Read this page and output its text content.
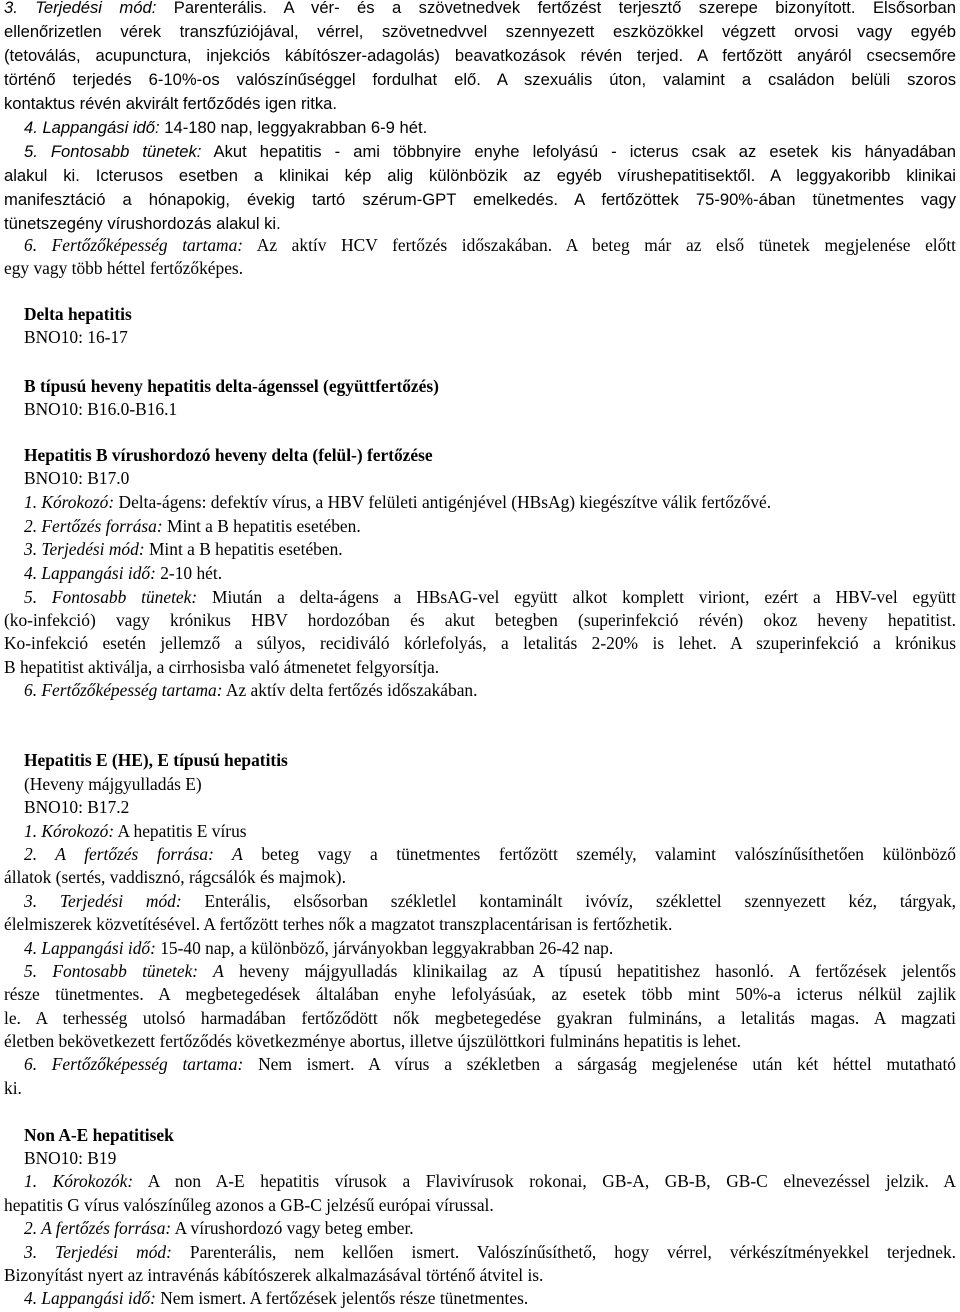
3. Terjedési mód: Parenterális. A vér- és a szövetnedvek fertőzést terjesztő szerepe bizonyított. Elsősorban
ellenőrizetlen vérek transzfúziójával, vérrel, szövetnedvvel szennyezett eszközökkel végzett orvosi vagy egyéb
(tetoválás, acupunctura, injekciós kábítószer-adagolás) beavatkozások révén terjed. A fertőzött anyáról csecsemőre
történő terjedés 6-10%-os valószínűséggel fordulhat elő. A szexuális úton, valamint a családon belüli szoros
kontaktus révén akvirált fertőződés igen ritka.
4. Lappangási idő: 14-180 nap, leggyakrabban 6-9 hét.
5. Fontosabb tünetek: Akut hepatitis - ami többnyire enyhe lefolyású - icterus csak az esetek kis hányadában
alakul ki. Icterusos esetben a klinikai kép alig különbözik az egyéb vírushepatitisektől. A leggyakoribb klinikai
manifesztáció a hónapokig, évekig tartó szérum-GPT emelkedés. A fertőzöttek 75-90%-ában tünetmentes vagy
tünetszegény vírushordozás alakul ki.
6. Fertőzőképesség tartama: Az aktív HCV fertőzés időszakában. A beteg már az első tünetek megjelenése előtt
egy vagy több héttel fertőzőképes.
Delta hepatitis
BNO10: 16-17
B típusú heveny hepatitis delta-ágenssel (együttfertőzés)
BNO10: B16.0-B16.1
Hepatitis B vírushordozó heveny delta (felül-) fertőzése
BNO10: B17.0
1. Kórokozó: Delta-ágens: defektív vírus, a HBV felületi antigénjével (HBsAg) kiegészítve válik fertőzővé.
2. Fertőzés forrása: Mint a B hepatitis esetében.
3. Terjedési mód: Mint a B hepatitis esetében.
4. Lappangási idő: 2-10 hét.
5. Fontosabb tünetek: Miután a delta-ágens a HBsAG-vel együtt alkot komplett viriont, ezért a HBV-vel együtt
(ko-infekció) vagy krónikus HBV hordozóban és akut betegben (superinfekció révén) okoz heveny hepatitist.
Ko-infekció esetén jellemző a súlyos, recidiváló kórlefolyás, a letalitás 2-20% is lehet. A szuperinfekció a krónikus
B hepatitist aktiválja, a cirrhosisba való átmenetet felgyorsítja.
6. Fertőzőképesség tartama: Az aktív delta fertőzés időszakában.
Hepatitis E (HE), E típusú hepatitis
(Heveny májgyulladás E)
BNO10: B17.2
1. Kórokozó: A hepatitis E vírus
2. A fertőzés forrása: A beteg vagy a tünetmentes fertőzött személy, valamint valószínűsíthetően különböző
állatok (sertés, vaddisznó, rágcsálók és majmok).
3. Terjedési mód: Enterális, elsősorban székletlel kontaminált ivóvíz, széklettel szennyezett kéz, tárgyak,
élelmiszerek közvetítésével. A fertőzött terhes nők a magzatot transzplacentárisan is fertőzhetik.
4. Lappangási idő: 15-40 nap, a különböző, járványokban leggyakrabban 26-42 nap.
5. Fontosabb tünetek: A heveny májgyulladás klinikailag az A típusú hepatitishez hasonló. A fertőzések jelentős
része tünetmentes. A megbetegedések általában enyhe lefolyásúak, az esetek több mint 50%-a icterus nélkül zajlik
le. A terhesség utolsó harmadában fertőződött nők megbetegedése gyakran fulmináns, a letalitás magas. A magzati
életben bekövetkezett fertőződés következménye abortus, illetve újszülöttkori fulmináns hepatitis is lehet.
6. Fertőzőképesség tartama: Nem ismert. A vírus a székletben a sárgaság megjelenése után két héttel mutatható
ki.
Non A-E hepatitisek
BNO10: B19
1. Kórokozók: A non A-E hepatitis vírusok a Flavivírusok rokonai, GB-A, GB-B, GB-C elnevezéssel jelzik. A
hepatitis G vírus valószínűleg azonos a GB-C jelzésű európai vírussal.
2. A fertőzés forrása: A vírushordozó vagy beteg ember.
3. Terjedési mód: Parenterális, nem kellően ismert. Valószínűsíthető, hogy vérrel, vérkészítményekkel terjednek.
Bizonyítást nyert az intravénás kábítószerek alkalmazásával történő átvitel is.
4. Lappangási idő: Nem ismert. A fertőzések jelentős része tünetmentes.
